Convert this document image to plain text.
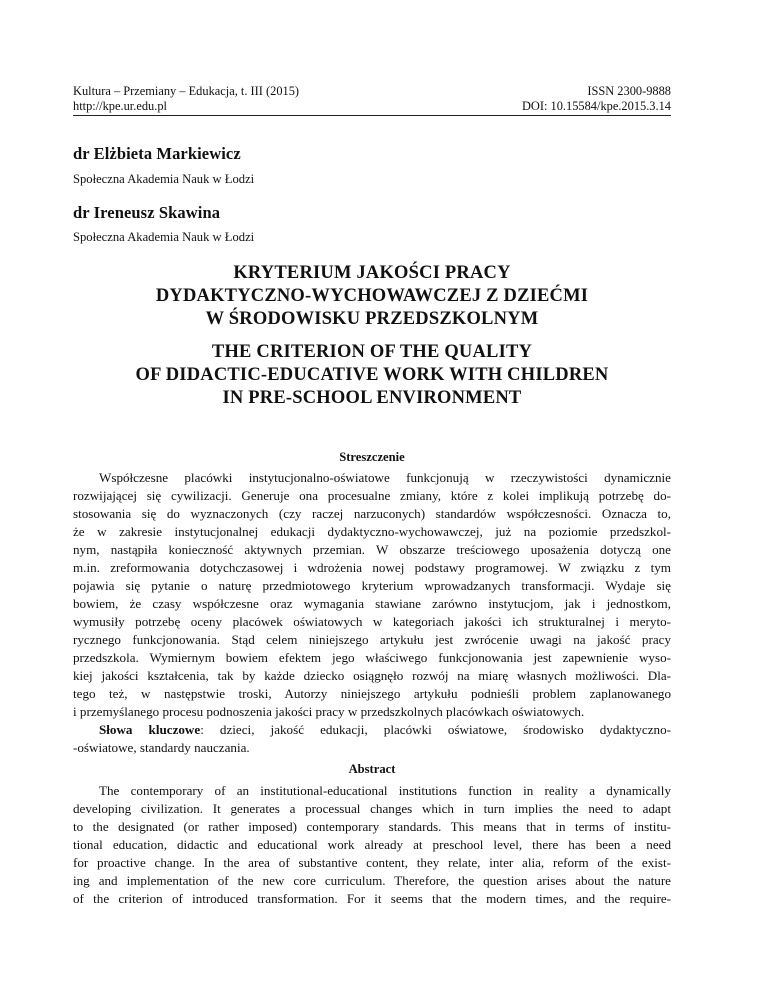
Kultura – Przemiany – Edukacja, t. III (2015)	ISSN 2300-9888
http://kpe.ur.edu.pl	DOI: 10.15584/kpe.2015.3.14
dr Elżbieta Markiewicz
Społeczna Akademia Nauk w Łodzi
dr Ireneusz Skawina
Społeczna Akademia Nauk w Łodzi
KRYTERIUM JAKOŚCI PRACY
DYDAKTYCZNO-WYCHOWAWCZEJ Z DZIEĆMI
W ŚRODOWISKU PRZEDSZKOLNYM
THE CRITERION OF THE QUALITY
OF DIDACTIC-EDUCATIVE WORK WITH CHILDREN
IN PRE-SCHOOL ENVIRONMENT
Streszczenie
Współczesne placówki instytucjonalno-oświatowe funkcjonują w rzeczywistości dynamicznie
rozwijającej się cywilizacji. Generuje ona procesualne zmiany, które z kolei implikują potrzebę do-
stosowania się do wyznaczonych (czy raczej narzuconych) standardów współczesności. Oznacza to,
że w zakresie instytucjonalnej edukacji dydaktyczno-wychowawczej, już na poziomie przedszkol-
nym, nastąpiła konieczność aktywnych przemian. W obszarze treściowego uposażenia dotyczą one
m.in. zreformowania dotychczasowej i wdrożenia nowej podstawy programowej. W związku z tym
pojawia się pytanie o naturę przedmiotowego kryterium wprowadzanych transformacji. Wydaje się
bowiem, że czasy współczesne oraz wymagania stawiane zarówno instytucjom, jak i jednostkom,
wymusiły potrzebę oceny placówek oświatowych w kategoriach jakości ich strukturalnej i meryto-
rycznego funkcjonowania. Stąd celem niniejszego artykułu jest zwrócenie uwagi na jakość pracy
przedszkola. Wymiernym bowiem efektem jego właściwego funkcjonowania jest zapewnienie wyso-
kiej jakości kształcenia, tak by każde dziecko osiągnęło rozwój na miarę własnych możliwości. Dla-
tego też, w następstwie troski, Autorzy niniejszego artykułu podnieśli problem zaplanowanego
i przemyślanego procesu podnoszenia jakości pracy w przedszkolnych placówkach oświatowych.
Słowa kluczowe: dzieci, jakość edukacji, placówki oświatowe, środowisko dydaktyczno-
-oświatowe, standardy nauczania.
Abstract
The contemporary of an institutional-educational institutions function in reality a dynamically
developing civilization. It generates a processual changes which in turn implies the need to adapt
to the designated (or rather imposed) contemporary standards. This means that in terms of institu-
tional education, didactic and educational work already at preschool level, there has been a need
for proactive change. In the area of substantive content, they relate, inter alia, reform of the exist-
ing and implementation of the new core curriculum. Therefore, the question arises about the nature
of the criterion of introduced transformation. For it seems that the modern times, and the require-
